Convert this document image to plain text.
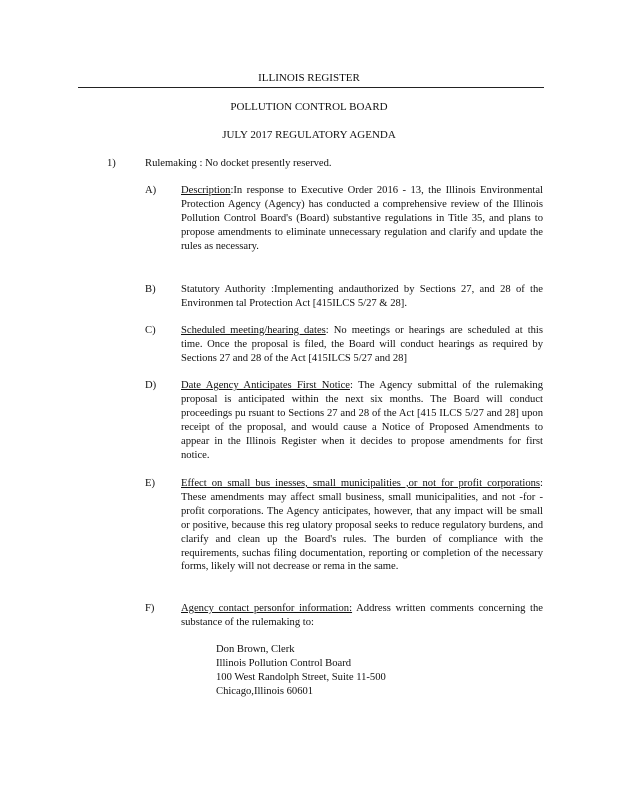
ILLINOIS REGISTER
POLLUTION CONTROL BOARD
JULY 2017 REGULATORY AGENDA
1)	Rulemaking : No docket presently reserved.
A) Description:In response to Executive Order 2016 - 13, the Illinois Environmental Protection Agency (Agency) has conducted a comprehensive review of the Illinois Pollution Control Board's (Board) substantive regulations in Title 35, and plans to propose amendments to eliminate unnecessary regulation and clarify and update the rules as necessary.
B) Statutory Authority :Implementing andauthorized by Sections 27, and 28 of the Environmen tal Protection Act [415ILCS 5/27 & 28].
C) Scheduled meeting/hearing dates: No meetings or hearings are scheduled at this time. Once the proposal is filed, the Board will conduct hearings as required by Sections 27 and 28 of the Act [415ILCS 5/27 and 28]
D) Date Agency Anticipates First Notice: The Agency submittal of the rulemaking proposal is anticipated within the next six months. The Board will conduct proceedings pu rsuant to Sections 27 and 28 of the Act [415 ILCS 5/27 and 28] upon receipt of the proposal, and would cause a Notice of Proposed Amendments to appear in the Illinois Register when it decides to propose amendments for first notice.
E) Effect on small bus inesses, small municipalities ,or not for profit corporations: These amendments may affect small business, small municipalities, and not -for -profit corporations. The Agency anticipates, however, that any impact will be small or positive, because this reg ulatory proposal seeks to reduce regulatory burdens, and clarify and clean up the Board's rules. The burden of compliance with the requirements, suchas filing documentation, reporting or completion of the necessary forms, likely will not decrease or rema in the same.
F)	Agency contact personfor information: Address written comments concerning the substance of the rulemaking to:
Don Brown, Clerk
Illinois Pollution Control Board
100 West Randolph Street, Suite 11-500
Chicago,Illinois 60601
